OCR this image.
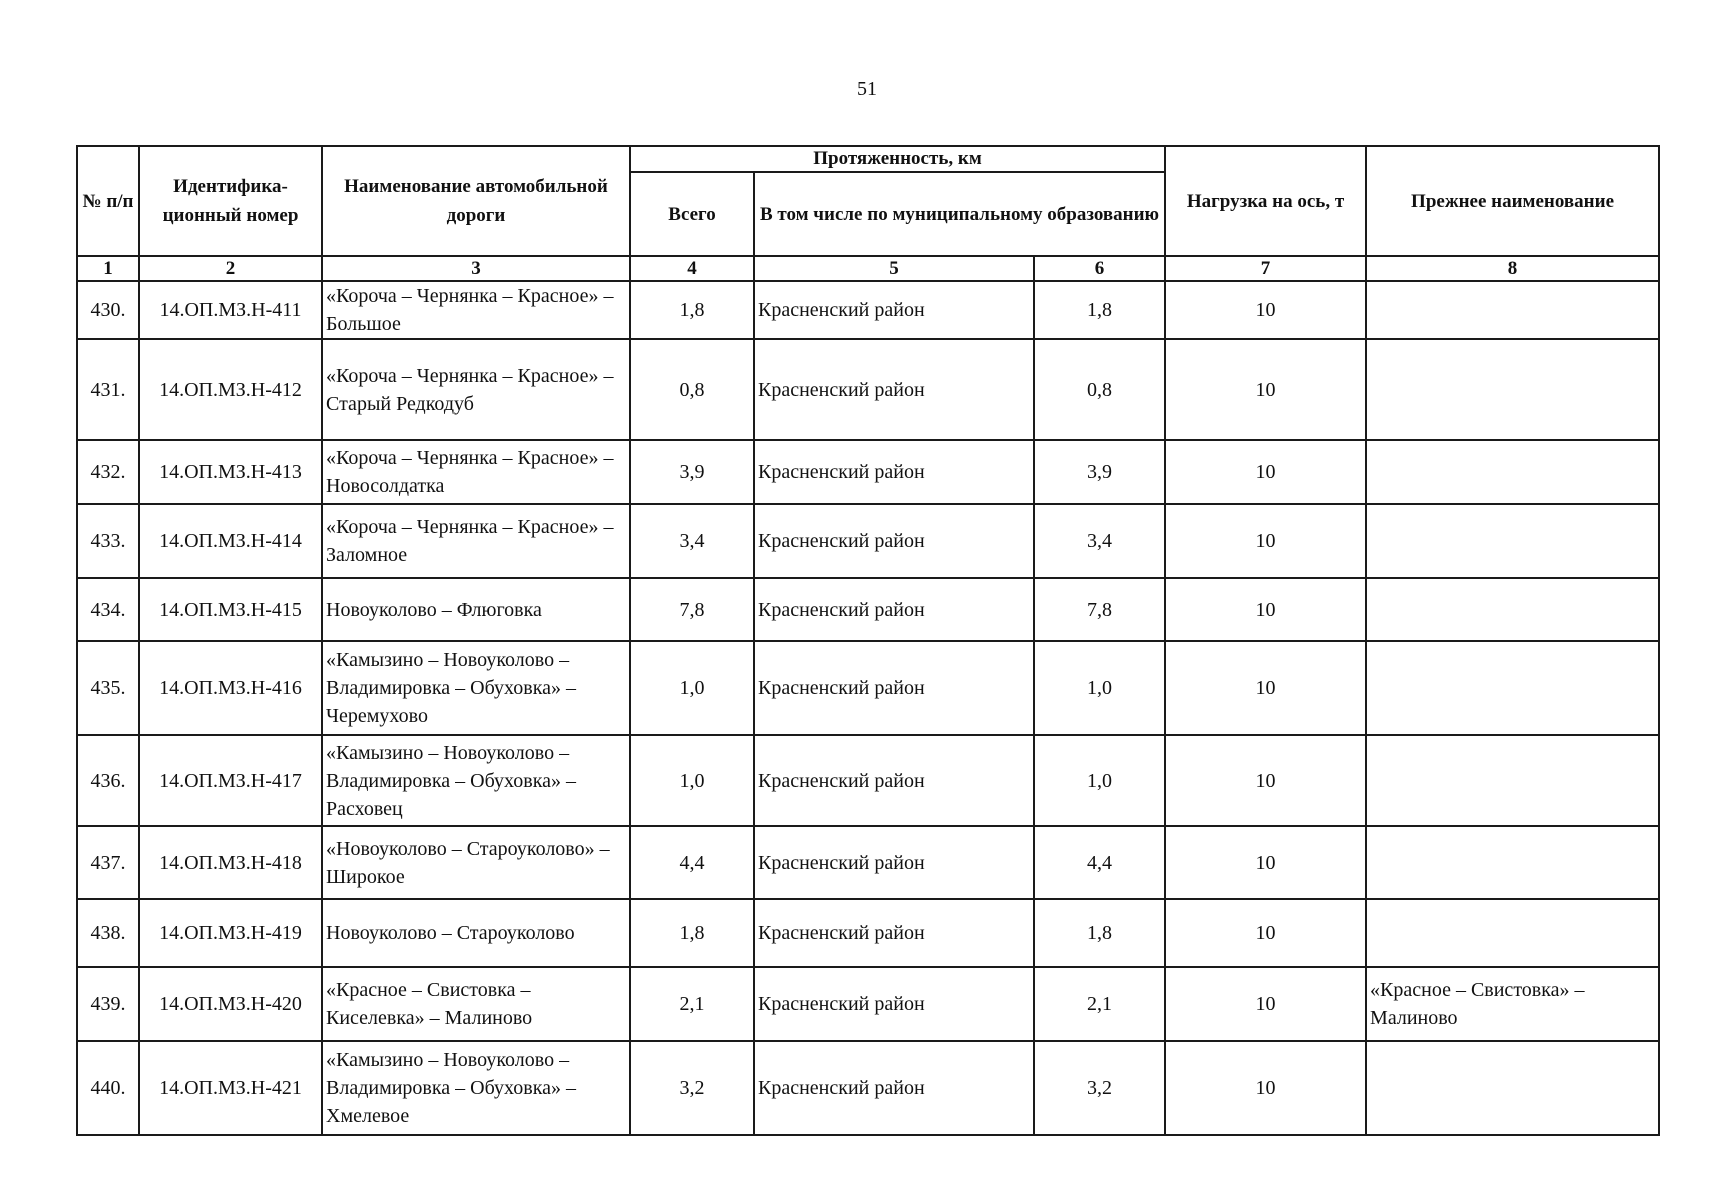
51
№ п/п	Идентифика-ционный номер	Наименование автомобильной дороги	Протяженность, км			Нагрузка на ось, т	Прежнее наименование
			Всего	В том числе по муниципальному образованию			
1	2	3	4	5	6	7	8
430.	14.ОП.МЗ.Н-411	«Короча – Чернянка – Красное» – Большое	1,8	Красненский район	1,8	10	
431.	14.ОП.МЗ.Н-412	«Короча – Чернянка – Красное» – Старый Редкодуб	0,8	Красненский район	0,8	10	
432.	14.ОП.МЗ.Н-413	«Короча – Чернянка – Красное» – Новосолдатка	3,9	Красненский район	3,9	10	
433.	14.ОП.МЗ.Н-414	«Короча – Чернянка – Красное» – Заломное	3,4	Красненский район	3,4	10	
434.	14.ОП.МЗ.Н-415	Новоуколово – Флюговка	7,8	Красненский район	7,8	10	
435.	14.ОП.МЗ.Н-416	«Камызино – Новоуколово – Владимировка – Обуховка» – Черемухово	1,0	Красненский район	1,0	10	
436.	14.ОП.МЗ.Н-417	«Камызино – Новоуколово – Владимировка – Обуховка» – Расховец	1,0	Красненский район	1,0	10	
437.	14.ОП.МЗ.Н-418	«Новоуколово – Староуколово» – Широкое	4,4	Красненский район	4,4	10	
438.	14.ОП.МЗ.Н-419	Новоуколово – Староуколово	1,8	Красненский район	1,8	10	
439.	14.ОП.МЗ.Н-420	«Красное – Свистовка – Киселевка» – Малиново	2,1	Красненский район	2,1	10	«Красное – Свистовка» – Малиново
440.	14.ОП.МЗ.Н-421	«Камызино – Новоуколово – Владимировка – Обуховка» – Хмелевое	3,2	Красненский район	3,2	10	
